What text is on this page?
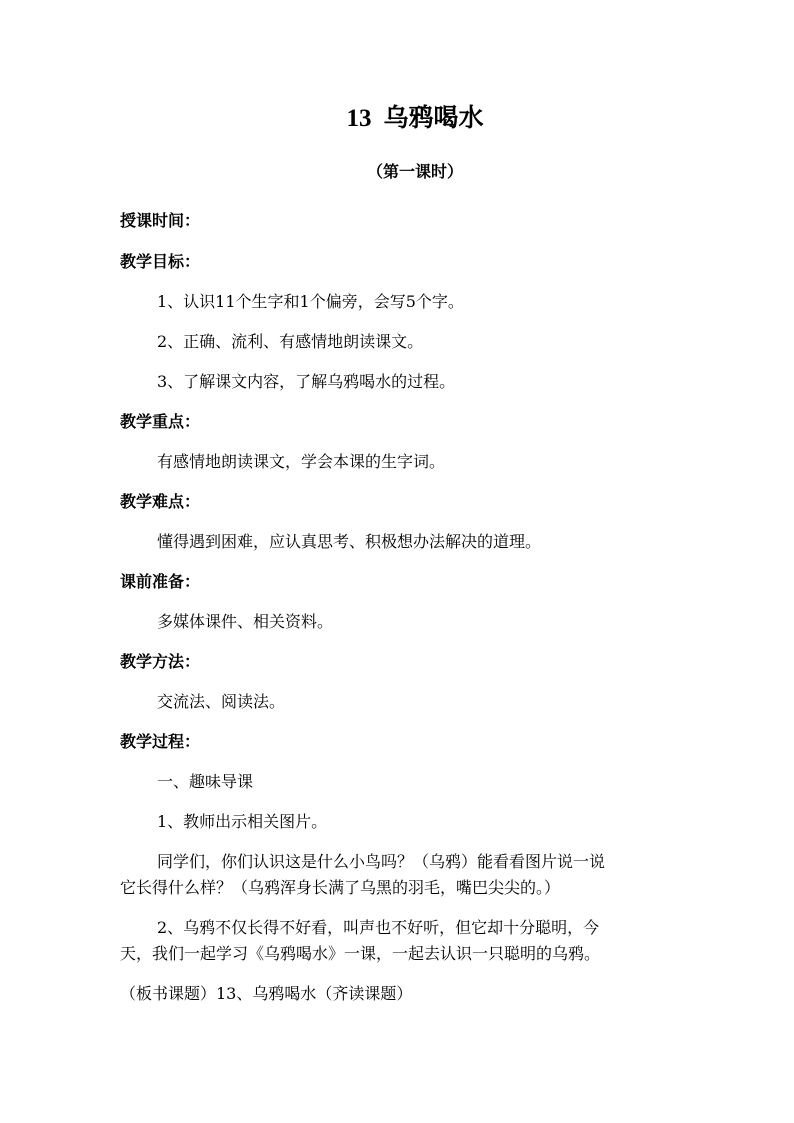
13 乌鸦喝水
（第一课时）
授课时间：
教学目标：
1、认识11个生字和1个偏旁，会写5个字。
2、正确、流利、有感情地朗读课文。
3、了解课文内容，了解乌鸦喝水的过程。
教学重点：
有感情地朗读课文，学会本课的生字词。
教学难点：
懂得遇到困难，应认真思考、积极想办法解决的道理。
课前准备：
多媒体课件、相关资料。
教学方法：
交流法、阅读法。
教学过程：
一、趣味导课
1、教师出示相关图片。
同学们，你们认识这是什么小鸟吗？（乌鸦）能看看图片说一说
它长得什么样？（乌鸦浑身长满了乌黑的羽毛，嘴巴尖尖的。）
2、乌鸦不仅长得不好看，叫声也不好听，但它却十分聪明，今
天，我们一起学习《乌鸦喝水》一课，一起去认识一只聪明的乌鸦。
（板书课题）13、乌鸦喝水（齐读课题）
